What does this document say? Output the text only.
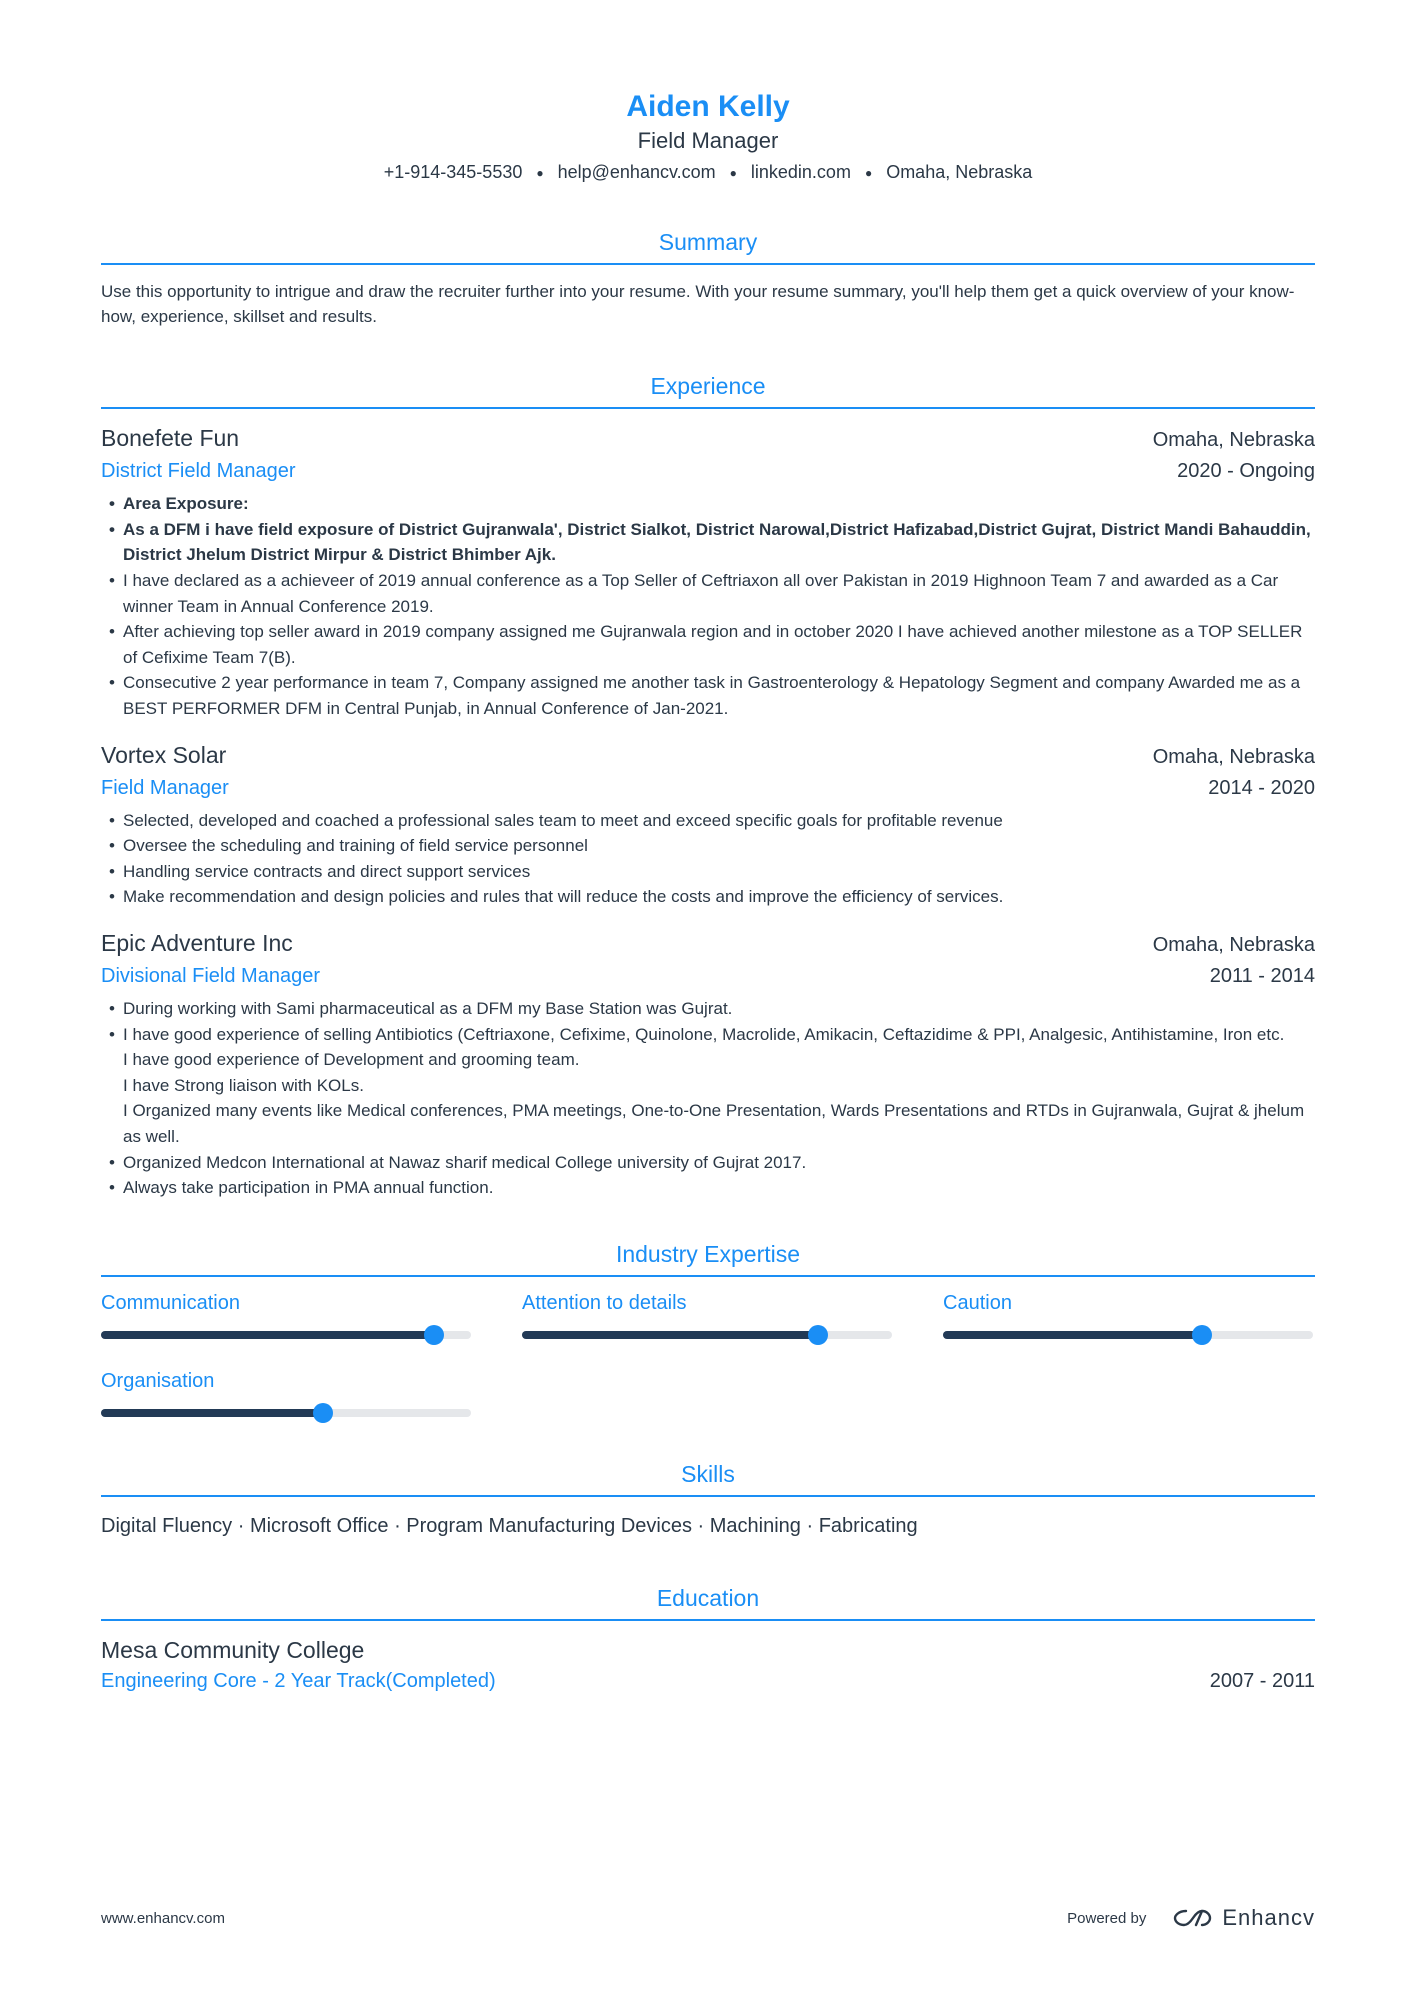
Aiden Kelly
Field Manager
+1-914-345-5530 ● help@enhancv.com ● linkedin.com ● Omaha, Nebraska
Summary
Use this opportunity to intrigue and draw the recruiter further into your resume. With your resume summary, you'll help them get a quick overview of your know-how, experience, skillset and results.
Experience
Bonefete Fun	Omaha, Nebraska
District Field Manager	2020 - Ongoing
• Area Exposure:
• As a DFM i have field exposure of District Gujranwala', District Sialkot, District Narowal,District Hafizabad,District Gujrat, District Mandi Bahauddin, District Jhelum District Mirpur & District Bhimber Ajk.
• I have declared as a achieveer of 2019 annual conference as a Top Seller of Ceftriaxon all over Pakistan in 2019 Highnoon Team 7 and awarded as a Car winner Team in Annual Conference 2019.
• After achieving top seller award in 2019 company assigned me Gujranwala region and in october 2020 I have achieved another milestone as a TOP SELLER of Cefixime Team 7(B).
• Consecutive 2 year performance in team 7, Company assigned me another task in Gastroenterology & Hepatology Segment and company Awarded me as a BEST PERFORMER DFM in Central Punjab, in Annual Conference of Jan-2021.
Vortex Solar	Omaha, Nebraska
Field Manager	2014 - 2020
• Selected, developed and coached a professional sales team to meet and exceed specific goals for profitable revenue
• Oversee the scheduling and training of field service personnel
• Handling service contracts and direct support services
• Make recommendation and design policies and rules that will reduce the costs and improve the efficiency of services.
Epic Adventure Inc	Omaha, Nebraska
Divisional Field Manager	2011 - 2014
• During working with Sami pharmaceutical as a DFM my Base Station was Gujrat.
• I have good experience of selling Antibiotics (Ceftriaxone, Cefixime, Quinolone, Macrolide, Amikacin, Ceftazidime & PPI, Analgesic, Antihistamine, Iron etc.
I have good experience of Development and grooming team.
I have Strong liaison with KOLs.
I Organized many events like Medical conferences, PMA meetings, One-to-One Presentation, Wards Presentations and RTDs in Gujranwala, Gujrat & jhelum as well.
• Organized Medcon International at Nawaz sharif medical College university of Gujrat 2017.
• Always take participation in PMA annual function.
Industry Expertise
Communication	Attention to details	Caution
Organisation
Skills
Digital Fluency · Microsoft Office · Program Manufacturing Devices · Machining · Fabricating
Education
Mesa Community College
Engineering Core - 2 Year Track(Completed)	2007 - 2011
www.enhancv.com	Powered by	Enhancv
